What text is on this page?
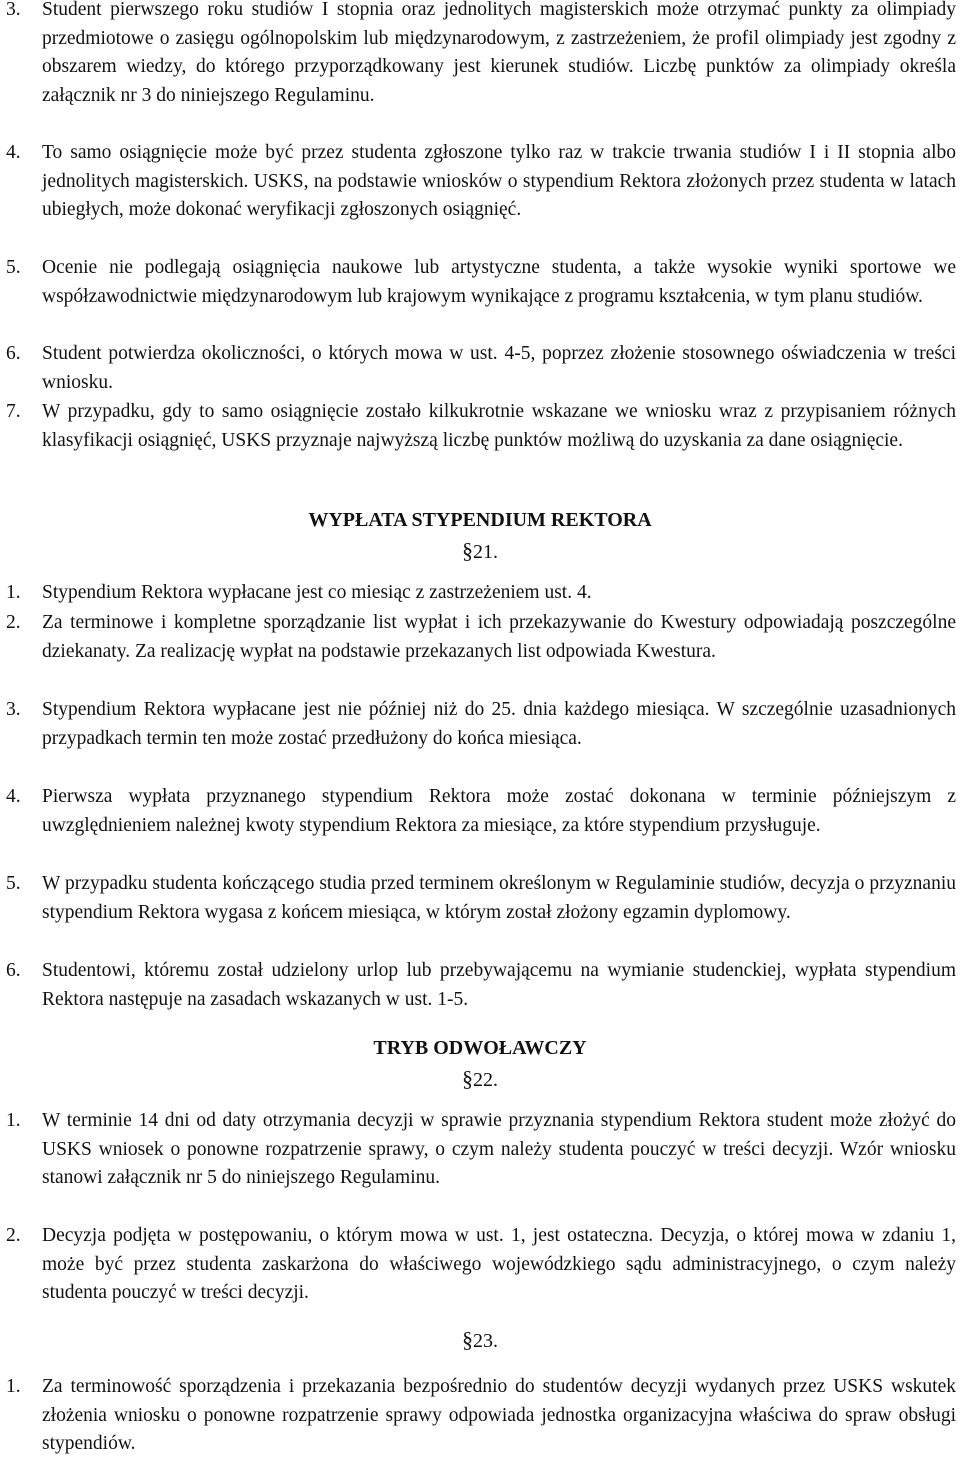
3.	Student pierwszego roku studiów I stopnia oraz jednolitych magisterskich może otrzymać punkty za olimpiady przedmiotowe o zasięgu ogólnopolskim lub międzynarodowym, z zastrzeżeniem, że profil olimpiady jest zgodny z obszarem wiedzy, do którego przyporządkowany jest kierunek studiów. Liczbę punktów za olimpiady określa załącznik nr 3 do niniejszego Regulaminu.
4.	To samo osiągnięcie może być przez studenta zgłoszone tylko raz w trakcie trwania studiów I i II stopnia albo jednolitych magisterskich. USKS, na podstawie wniosków o stypendium Rektora złożonych przez studenta w latach ubiegłych, może dokonać weryfikacji zgłoszonych osiągnięć.
5.	Ocenie nie podlegają osiągnięcia naukowe lub artystyczne studenta, a także wysokie wyniki sportowe we współzawodnictwie międzynarodowym lub krajowym wynikające z programu kształcenia, w tym planu studiów.
6.	Student potwierdza okoliczności, o których mowa w ust. 4-5, poprzez złożenie stosownego oświadczenia w treści wniosku.
7.	W przypadku, gdy to samo osiągnięcie zostało kilkukrotnie wskazane we wniosku wraz z przypisaniem różnych klasyfikacji osiągnięć, USKS przyznaje najwyższą liczbę punktów możliwą do uzyskania za dane osiągnięcie.
WYPŁATA STYPENDIUM REKTORA
§21.
1.	Stypendium Rektora wypłacane jest co miesiąc z zastrzeżeniem ust. 4.
2.	Za terminowe i kompletne sporządzanie list wypłat i ich przekazywanie do Kwestury odpowiadają poszczególne dziekanaty. Za realizację wypłat na podstawie przekazanych list odpowiada Kwestura.
3.	Stypendium Rektora wypłacane jest nie później niż do 25. dnia każdego miesiąca. W szczególnie uzasadnionych przypadkach termin ten może zostać przedłużony do końca miesiąca.
4.	Pierwsza wypłata przyznanego stypendium Rektora może zostać dokonana w terminie późniejszym z uwzględnieniem należnej kwoty stypendium Rektora za miesiące, za które stypendium przysługuje.
5.	W przypadku studenta kończącego studia przed terminem określonym w Regulaminie studiów, decyzja o przyznaniu stypendium Rektora wygasa z końcem miesiąca, w którym został złożony egzamin dyplomowy.
6.	Studentowi, któremu został udzielony urlop lub przebywającemu na wymianie studenckiej, wypłata stypendium Rektora następuje na zasadach wskazanych w ust. 1-5.
TRYB ODWOŁAWCZY
§22.
1.	W terminie 14 dni od daty otrzymania decyzji w sprawie przyznania stypendium Rektora student może złożyć do USKS wniosek o ponowne rozpatrzenie sprawy, o czym należy studenta pouczyć w treści decyzji. Wzór wniosku stanowi załącznik nr 5 do niniejszego Regulaminu.
2.	Decyzja podjęta w postępowaniu, o którym mowa w ust. 1, jest ostateczna. Decyzja, o której mowa w zdaniu 1, może być przez studenta zaskarżona do właściwego wojewódzkiego sądu administracyjnego, o czym należy studenta pouczyć w treści decyzji.
§23.
1.	Za terminowość sporządzenia i przekazania bezpośrednio do studentów decyzji wydanych przez USKS wskutek złożenia wniosku o ponowne rozpatrzenie sprawy odpowiada jednostka organizacyjna właściwa do spraw obsługi stypendiów.
